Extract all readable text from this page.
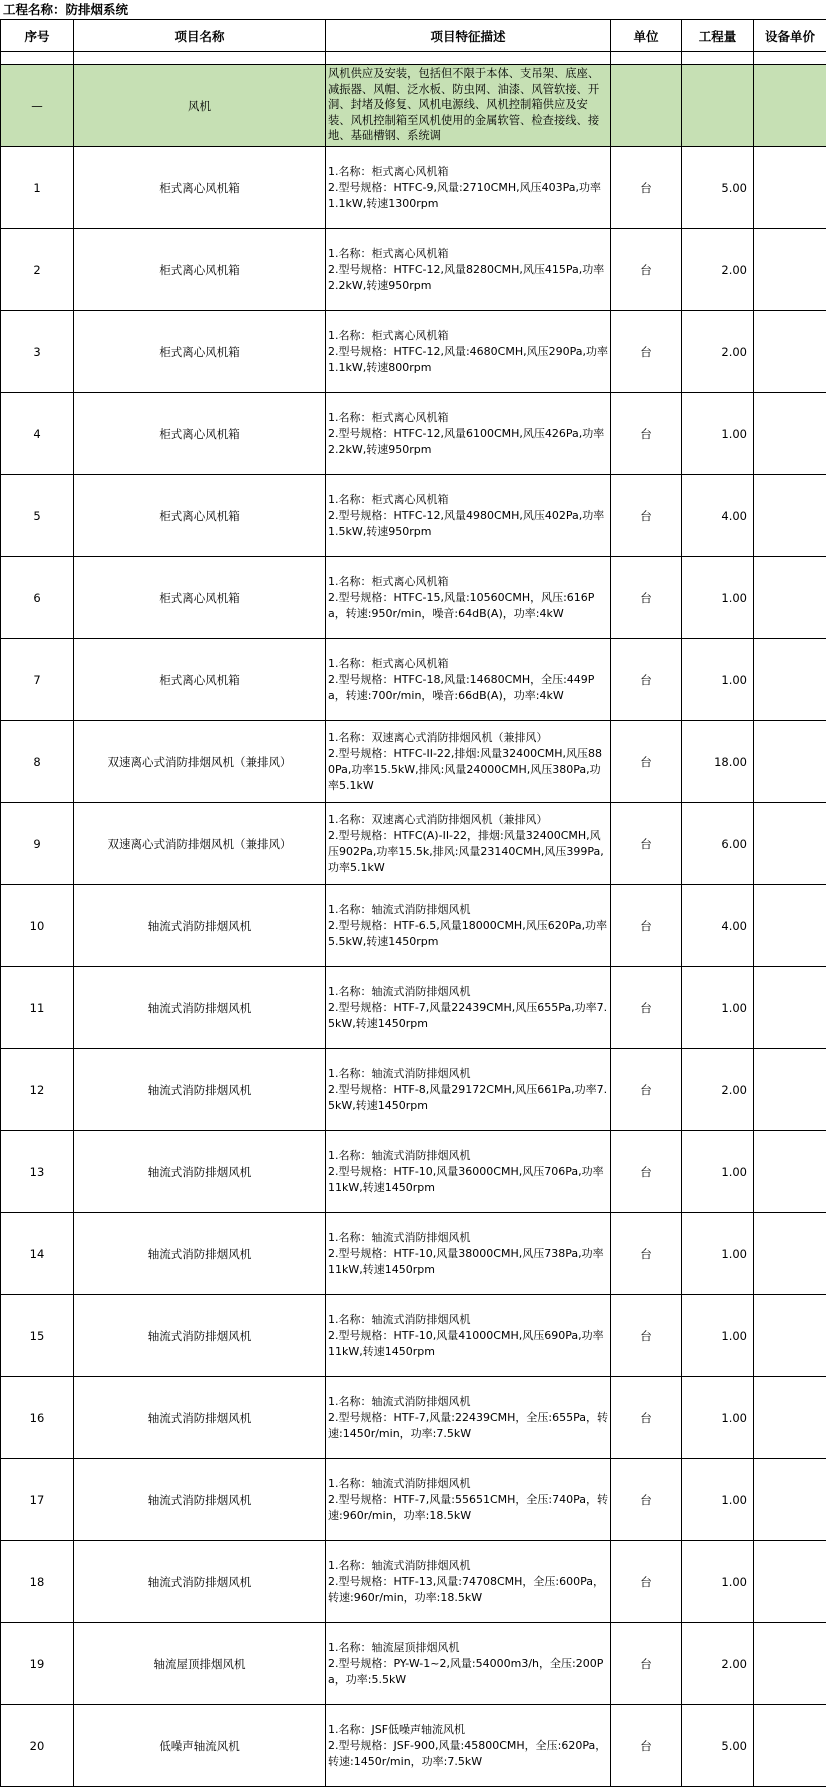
工程名称：防排烟系统
序号	项目名称	项目特征描述	单位	工程量	设备单价

—	风机	风机供应及安装，包括但不限于本体、支吊架、底座、减振器、风帽、泛水板、防虫网、油漆、风管软接、开洞、封堵及修复、风机电源线、风机控制箱供应及安装、风机控制箱至风机使用的金属软管、检查接线、接地、基础槽钢、系统调			
1	柜式离心风机箱	1.名称：柜式离心风机箱
2.型号规格：HTFC-9,风量:2710CMH,风压403Pa,功率1.1kW,转速1300rpm	台	5.00	
2	柜式离心风机箱	1.名称：柜式离心风机箱
2.型号规格：HTFC-12,风量8280CMH,风压415Pa,功率2.2kW,转速950rpm	台	2.00	
3	柜式离心风机箱	1.名称：柜式离心风机箱
2.型号规格：HTFC-12,风量:4680CMH,风压290Pa,功率1.1kW,转速800rpm	台	2.00	
4	柜式离心风机箱	1.名称：柜式离心风机箱
2.型号规格：HTFC-12,风量6100CMH,风压426Pa,功率2.2kW,转速950rpm	台	1.00	
5	柜式离心风机箱	1.名称：柜式离心风机箱
2.型号规格：HTFC-12,风量4980CMH,风压402Pa,功率1.5kW,转速950rpm	台	4.00	
6	柜式离心风机箱	1.名称：柜式离心风机箱
2.型号规格：HTFC-15,风量:10560CMH，风压:616Pa，转速:950r/min，噪音:64dB(A)，功率:4kW	台	1.00	
7	柜式离心风机箱	1.名称：柜式离心风机箱
2.型号规格：HTFC-18,风量:14680CMH，全压:449Pa，转速:700r/min，噪音:66dB(A)，功率:4kW	台	1.00	
8	双速离心式消防排烟风机（兼排风）	1.名称：双速离心式消防排烟风机（兼排风）
2.型号规格：HTFC-II-22,排烟:风量32400CMH,风压880Pa,功率15.5kW,排风:风量24000CMH,风压380Pa,功率5.1kW	台	18.00	
9	双速离心式消防排烟风机（兼排风）	1.名称：双速离心式消防排烟风机（兼排风）
2.型号规格：HTFC(A)-II-22，排烟:风量32400CMH,风压902Pa,功率15.5k,排风:风量23140CMH,风压399Pa,功率5.1kW	台	6.00	
10	轴流式消防排烟风机	1.名称：轴流式消防排烟风机
2.型号规格：HTF-6.5,风量18000CMH,风压620Pa,功率5.5kW,转速1450rpm	台	4.00	
11	轴流式消防排烟风机	1.名称：轴流式消防排烟风机
2.型号规格：HTF-7,风量22439CMH,风压655Pa,功率7.5kW,转速1450rpm	台	1.00	
12	轴流式消防排烟风机	1.名称：轴流式消防排烟风机
2.型号规格：HTF-8,风量29172CMH,风压661Pa,功率7.5kW,转速1450rpm	台	2.00	
13	轴流式消防排烟风机	1.名称：轴流式消防排烟风机
2.型号规格：HTF-10,风量36000CMH,风压706Pa,功率11kW,转速1450rpm	台	1.00	
14	轴流式消防排烟风机	1.名称：轴流式消防排烟风机
2.型号规格：HTF-10,风量38000CMH,风压738Pa,功率11kW,转速1450rpm	台	1.00	
15	轴流式消防排烟风机	1.名称：轴流式消防排烟风机
2.型号规格：HTF-10,风量41000CMH,风压690Pa,功率11kW,转速1450rpm	台	1.00	
16	轴流式消防排烟风机	1.名称：轴流式消防排烟风机
2.型号规格：HTF-7,风量:22439CMH，全压:655Pa，转速:1450r/min，功率:7.5kW	台	1.00	
17	轴流式消防排烟风机	1.名称：轴流式消防排烟风机
2.型号规格：HTF-7,风量:55651CMH，全压:740Pa，转速:960r/min，功率:18.5kW	台	1.00	
18	轴流式消防排烟风机	1.名称：轴流式消防排烟风机
2.型号规格：HTF-13,风量:74708CMH，全压:600Pa，转速:960r/min，功率:18.5kW	台	1.00	
19	轴流屋顶排烟风机	1.名称：轴流屋顶排烟风机
2.型号规格：PY-W-1~2,风量:54000m3/h，全压:200Pa，功率:5.5kW	台	2.00	
20	低噪声轴流风机	1.名称：JSF低噪声轴流风机
2.型号规格：JSF-900,风量:45800CMH，全压:620Pa，转速:1450r/min，功率:7.5kW	台	5.00	
